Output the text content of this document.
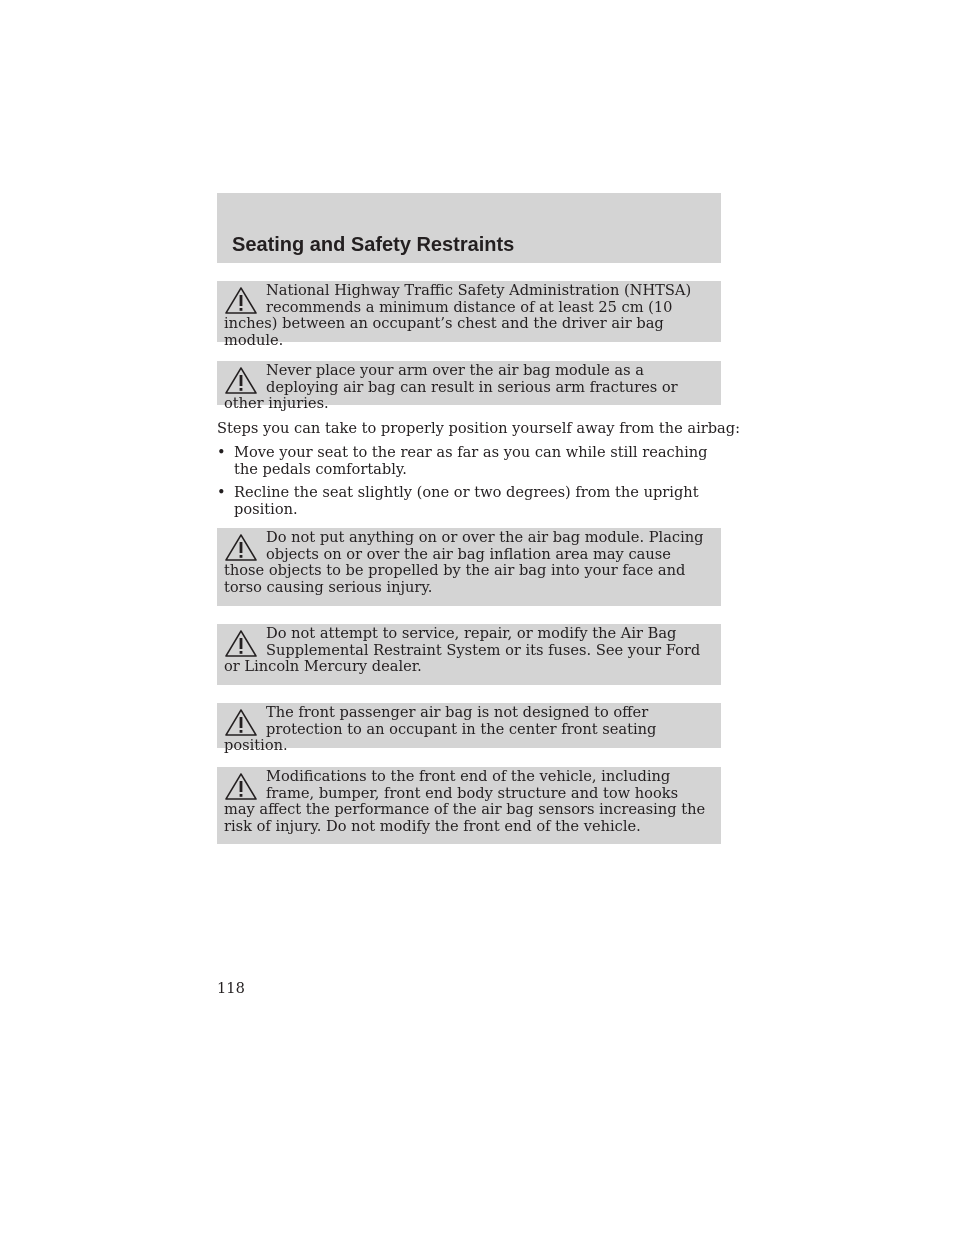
Seating and Safety Restraints
National Highway Traffic Safety Administration (NHTSA) recommends a minimum distance of at least 25 cm (10 inches) between an occupant’s chest and the driver air bag module.
Never place your arm over the air bag module as a deploying air bag can result in serious arm fractures or other injuries.
Steps you can take to properly position yourself away from the airbag:
• Move your seat to the rear as far as you can while still reaching the pedals comfortably.
• Recline the seat slightly (one or two degrees) from the upright position.
Do not put anything on or over the air bag module. Placing objects on or over the air bag inflation area may cause those objects to be propelled by the air bag into your face and torso causing serious injury.
Do not attempt to service, repair, or modify the Air Bag Supplemental Restraint System or its fuses. See your Ford or Lincoln Mercury dealer.
The front passenger air bag is not designed to offer protection to an occupant in the center front seating position.
Modifications to the front end of the vehicle, including frame, bumper, front end body structure and tow hooks may affect the performance of the air bag sensors increasing the risk of injury. Do not modify the front end of the vehicle.
118
